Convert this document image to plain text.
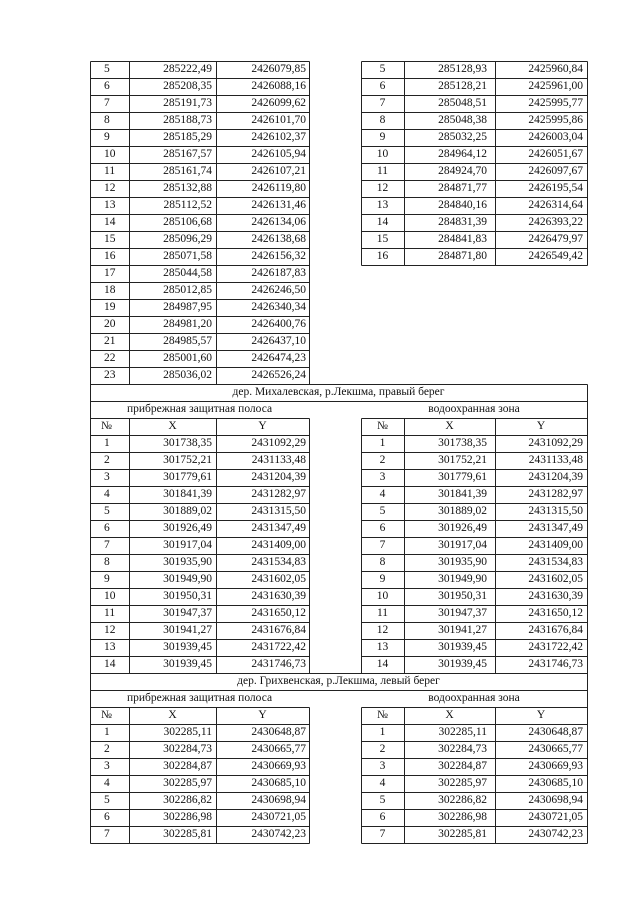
5	285222,49	2426079,85
6	285208,35	2426088,16
7	285191,73	2426099,62
8	285188,73	2426101,70
9	285185,29	2426102,37
10	285167,57	2426105,94
11	285161,74	2426107,21
12	285132,88	2426119,80
13	285112,52	2426131,46
14	285106,68	2426134,06
15	285096,29	2426138,68
16	285071,58	2426156,32
17	285044,58	2426187,83
18	285012,85	2426246,50
19	284987,95	2426340,34
20	284981,20	2426400,76
21	284985,57	2426437,10
22	285001,60	2426474,23
23	285036,02	2426526,24
5	285128,93	2425960,84
6	285128,21	2425961,00
7	285048,51	2425995,77
8	285048,38	2425995,86
9	285032,25	2426003,04
10	284964,12	2426051,67
11	284924,70	2426097,67
12	284871,77	2426195,54
13	284840,16	2426314,64
14	284831,39	2426393,22
15	284841,83	2426479,97
16	284871,80	2426549,42
дер. Михалевская, р.Лекшма, правый берег
прибрежная защитная полоса	водоохранная зона
№	X	Y	№	X	Y
1	301738,35	2431092,29
2	301752,21	2431133,48
3	301779,61	2431204,39
4	301841,39	2431282,97
5	301889,02	2431315,50
6	301926,49	2431347,49
7	301917,04	2431409,00
8	301935,90	2431534,83
9	301949,90	2431602,05
10	301950,31	2431630,39
11	301947,37	2431650,12
12	301941,27	2431676,84
13	301939,45	2431722,42
14	301939,45	2431746,73
1	301738,35	2431092,29
2	301752,21	2431133,48
3	301779,61	2431204,39
4	301841,39	2431282,97
5	301889,02	2431315,50
6	301926,49	2431347,49
7	301917,04	2431409,00
8	301935,90	2431534,83
9	301949,90	2431602,05
10	301950,31	2431630,39
11	301947,37	2431650,12
12	301941,27	2431676,84
13	301939,45	2431722,42
14	301939,45	2431746,73
дер. Гриxвенская, р.Лекшма, левый берег
прибрежная защитная полоса	водоохранная зона
№	X	Y	№	X	Y
1	302285,11	2430648,87
2	302284,73	2430665,77
3	302284,87	2430669,93
4	302285,97	2430685,10
5	302286,82	2430698,94
6	302286,98	2430721,05
7	302285,81	2430742,23
1	302285,11	2430648,87
2	302284,73	2430665,77
3	302284,87	2430669,93
4	302285,97	2430685,10
5	302286,82	2430698,94
6	302286,98	2430721,05
7	302285,81	2430742,23
